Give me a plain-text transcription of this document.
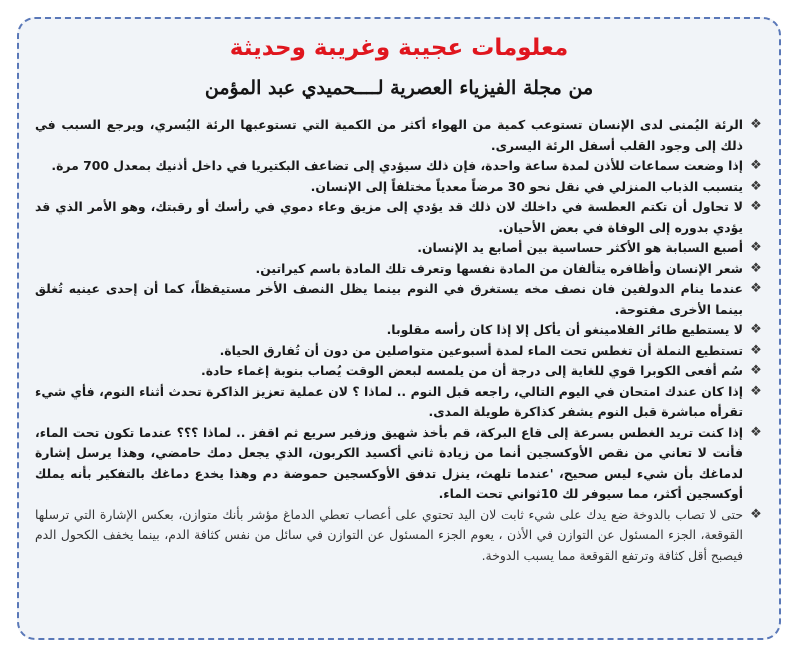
معلومات عجيبة وغريبة وحديثة
من مجلة الفيزياء العصرية لــــحميدي عبد المؤمن
❖
الرئة اليُمنى لدى الإنسان تستوعب كمية من الهواء أكثر من الكمية التي تستوعبها الرئة اليُسري، ويرجع السبب في ذلك إلى وجود القلب أسفل الرئة اليسرى.
❖
إذا وضعت سماعات للأذن لمدة ساعة واحدة، فإن ذلك سيؤدي إلى تضاعف البكتيريا في داخل أذنيك بمعدل 700 مرة.
❖
يتسبب الذباب المنزلي في نقل نحو 30 مرضاً معدياً مختلفاً إلى الإنسان.
❖
لا تحاول أن تكتم العطسة في داخلك لان ذلك قد يؤدي إلى مزيق وعاء دموي في رأسك أو رقبتك، وهو الأمر الذي قد يؤدي بدوره إلى الوفاة في بعض الأحيان.
❖
أصبع السبابة هو الأكثر حساسية بين أصابع يد الإنسان.
❖
شعر الإنسان وأظافره يتألفان من المادة نفسها وتعرف تلك المادة باسم كيراتين.
❖
عندما ينام الدولفين فان نصف مخه يستغرق في النوم بينما يظل النصف الأخر مستيقظاً، كما أن إحدى عينيه تُغلق بينما الأخرى مفتوحة.
❖
لا يستطيع طائر الفلامينغو أن يأكل إلا إذا كان رأسه مقلوبا.
❖
تستطيع النملة أن تغطس تحت الماء لمدة أسبوعين متواصلين من دون أن تُفارق الحياة.
❖
سُم أفعى الكوبرا قوي للغاية إلى درجة أن من يلمسه لبعض الوقت يُصاب بنوبة إغماء حادة.
❖
إذا كان عندك امتحان في اليوم التالي، راجعه قبل النوم .. لماذا ؟ لان عملية تعزيز الذاكرة تحدث أثناء النوم، فأي شيء تقرأه مباشرة قبل النوم يشفر كذاكرة طويلة المدى.
❖
إذا كنت تريد الغطس بسرعة إلى قاع البركة، قم بأخذ شهيق وزفير سريع ثم اقفز .. لماذا ؟؟؟ عندما تكون تحت الماء، فأنت لا تعاني من نقص الأوكسجين أنما من زيادة ثاني أكسيد الكربون، الذي يجعل دمك حامضي، وهذا يرسل إشارة لدماغك بأن شيء ليس صحيح، 'عندما تلهث، ينزل تدفق الأوكسجين حموضة دم وهذا يخدع دماغك بالتفكير بأنه يملك أوكسجين أكثر، مما سيوفر لك 10ثواني تحت الماء.
❖
حتى لا تصاب بالدوخة ضع يدك على شيء ثابت لان اليد تحتوي على أعصاب تعطي الدماغ مؤشر بأنك متوازن، بعكس الإشارة التي ترسلها القوقعة، الجزء المسئول عن التوازن في الأذن ، يعوم الجزء المسئول عن التوازن في سائل من نفس كثافة الدم، بينما يخفف الكحول الدم فيصبح أقل كثافة وترتفع القوقعة مما يسبب الدوخة.
